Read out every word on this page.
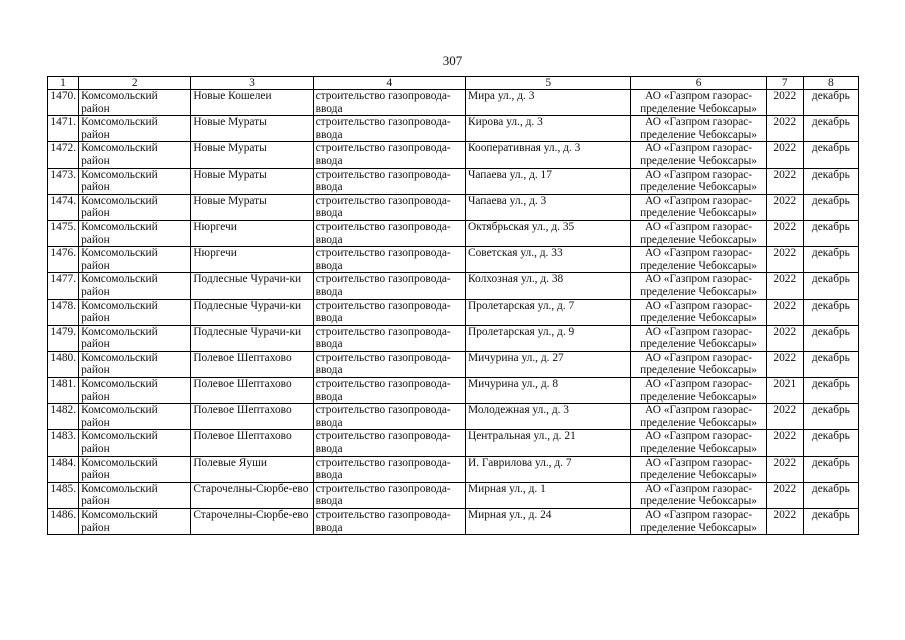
307
1	2	3	4	5	6	7	8
1470.	Комсомольский район	Новые Кошелеи	строительство газопровода-ввода	Мира ул., д. 3	АО «Газпром газорас-пределение Чебоксары»	2022	декабрь
1471.	Комсомольский район	Новые Мураты	строительство газопровода-ввода	Кирова ул., д. 3	АО «Газпром газорас-пределение Чебоксары»	2022	декабрь
1472.	Комсомольский район	Новые Мураты	строительство газопровода-ввода	Кооперативная ул., д. 3	АО «Газпром газорас-пределение Чебоксары»	2022	декабрь
1473.	Комсомольский район	Новые Мураты	строительство газопровода-ввода	Чапаева ул., д. 17	АО «Газпром газорас-пределение Чебоксары»	2022	декабрь
1474.	Комсомольский район	Новые Мураты	строительство газопровода-ввода	Чапаева ул., д. 3	АО «Газпром газорас-пределение Чебоксары»	2022	декабрь
1475.	Комсомольский район	Нюргечи	строительство газопровода-ввода	Октябрьская ул., д. 35	АО «Газпром газорас-пределение Чебоксары»	2022	декабрь
1476.	Комсомольский район	Нюргечи	строительство газопровода-ввода	Советская ул., д. 33	АО «Газпром газорас-пределение Чебоксары»	2022	декабрь
1477.	Комсомольский район	Подлесные Чурачи-ки	строительство газопровода-ввода	Колхозная ул., д. 38	АО «Газпром газорас-пределение Чебоксары»	2022	декабрь
1478.	Комсомольский район	Подлесные Чурачи-ки	строительство газопровода-ввода	Пролетарская ул., д. 7	АО «Газпром газорас-пределение Чебоксары»	2022	декабрь
1479.	Комсомольский район	Подлесные Чурачи-ки	строительство газопровода-ввода	Пролетарская ул., д. 9	АО «Газпром газорас-пределение Чебоксары»	2022	декабрь
1480.	Комсомольский район	Полевое Шептахово	строительство газопровода-ввода	Мичурина ул., д. 27	АО «Газпром газорас-пределение Чебоксары»	2022	декабрь
1481.	Комсомольский район	Полевое Шептахово	строительство газопровода-ввода	Мичурина ул., д. 8	АО «Газпром газорас-пределение Чебоксары»	2021	декабрь
1482.	Комсомольский район	Полевое Шептахово	строительство газопровода-ввода	Молодежная ул., д. 3	АО «Газпром газорас-пределение Чебоксары»	2022	декабрь
1483.	Комсомольский район	Полевое Шептахово	строительство газопровода-ввода	Центральная ул., д. 21	АО «Газпром газорас-пределение Чебоксары»	2022	декабрь
1484.	Комсомольский район	Полевые Яуши	строительство газопровода-ввода	И. Гаврилова ул., д. 7	АО «Газпром газорас-пределение Чебоксары»	2022	декабрь
1485.	Комсомольский район	Старочелны-Сюрбе-ево	строительство газопровода-ввода	Мирная ул., д. 1	АО «Газпром газорас-пределение Чебоксары»	2022	декабрь
1486.	Комсомольский район	Старочелны-Сюрбе-ево	строительство газопровода-ввода	Мирная ул., д. 24	АО «Газпром газорас-пределение Чебоксары»	2022	декабрь
